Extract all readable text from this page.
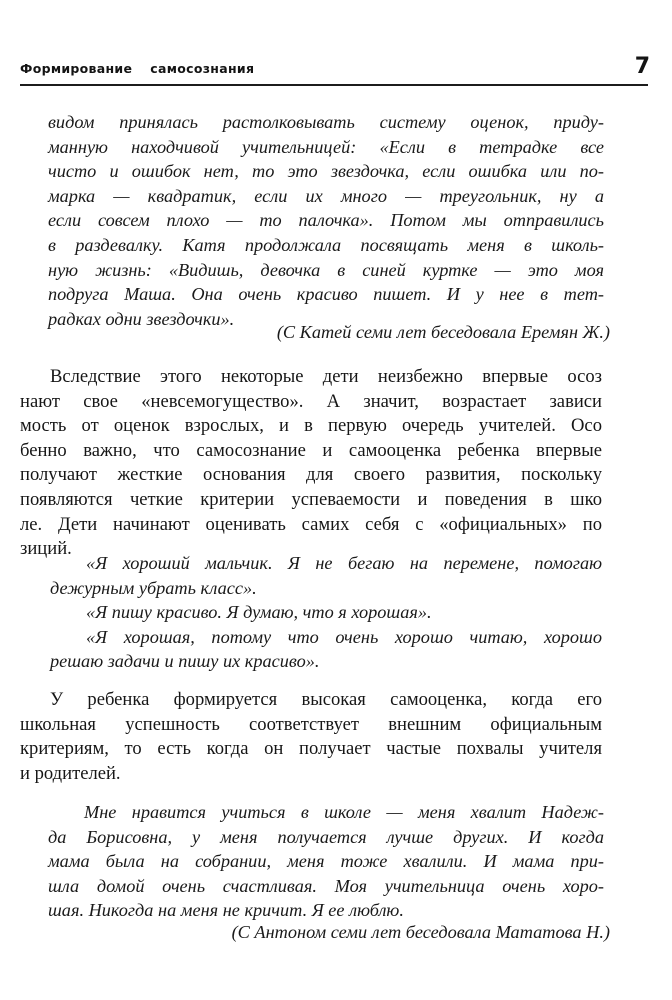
Формирование самосознания	7
видом принялась растолковывать систему оценок, приду-
манную находчивой учительницей: «Если в тетрадке все
чисто и ошибок нет, то это звездочка, если ошибка или по-
марка — квадратик, если их много — треугольник, ну а
если совсем плохо — то палочка». Потом мы отправились
в раздевалку. Катя продолжала посвящать меня в школь-
ную жизнь: «Видишь, девочка в синей куртке — это моя
подруга Маша. Она очень красиво пишет. И у нее в тет-
радках одни звездочки».
(С Катей семи лет беседовала Еремян Ж.)
Вследствие этого некоторые дети неизбежно впервые осоз
нают свое «невсемогущество». А значит, возрастает зависи
мость от оценок взрослых, и в первую очередь учителей. Осо
бенно важно, что самосознание и самооценка ребенка впервые
получают жесткие основания для своего развития, поскольку
появляются четкие критерии успеваемости и поведения в шко
ле. Дети начинают оценивать самих себя с «официальных» по
зиций.
«Я хороший мальчик. Я не бегаю на перемене, помогаю
дежурным убрать класс».
«Я пишу красиво. Я думаю, что я хорошая».
«Я хорошая, потому что очень хорошо читаю, хорошо
решаю задачи и пишу их красиво».
У ребенка формируется высокая самооценка, когда его
школьная успешность соответствует внешним официальным
критериям, то есть когда он получает частые похвалы учителя
и родителей.
Мне нравится учиться в школе — меня хвалит Надеж-
да Борисовна, у меня получается лучше других. И когда
мама была на собрании, меня тоже хвалили. И мама при-
шла домой очень счастливая. Моя учительница очень хоро-
шая. Никогда на меня не кричит. Я ее люблю.
(С Антоном семи лет беседовала Мататова Н.)
